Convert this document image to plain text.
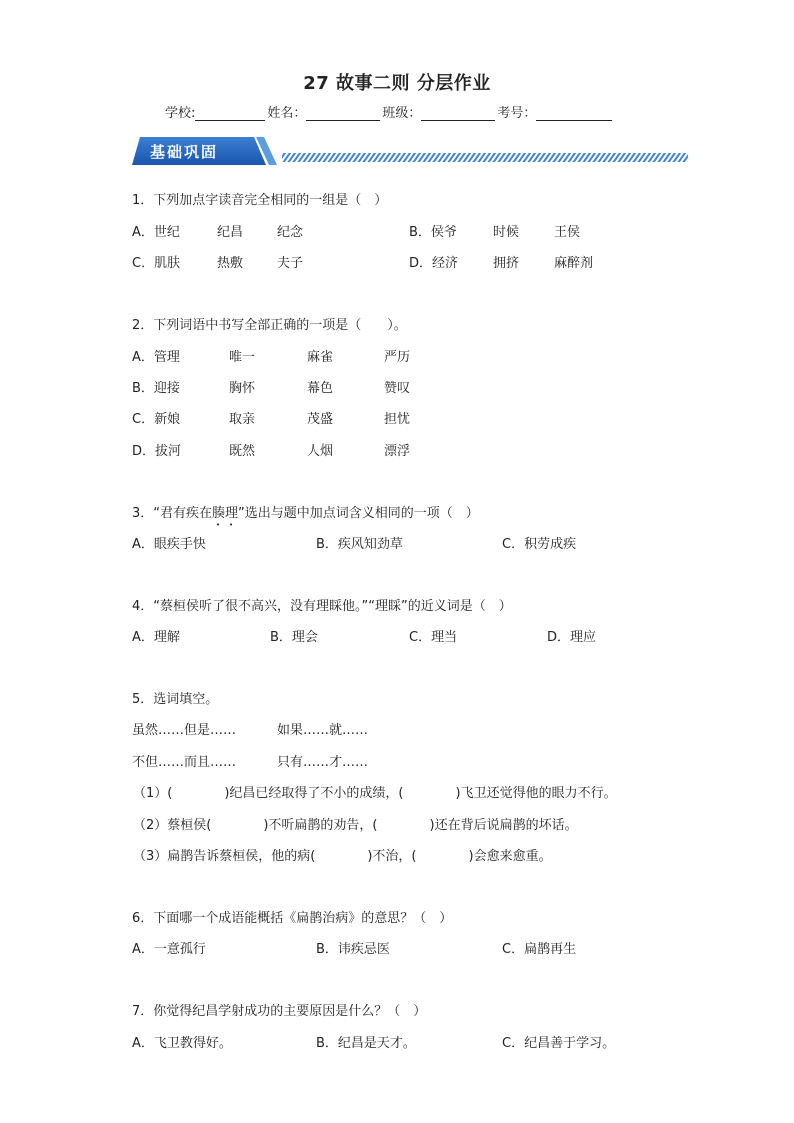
27 故事二则 分层作业
学校:	姓名：	班级：	考号：
基础巩固
1．下列加点字读音完全相同的一组是（　）
A．世纪	纪昌	纪念	B．侯爷	时候	王侯
C．肌肤	热敷	夫子	D．经济	拥挤	麻醉剂
2．下列词语中书写全部正确的一项是（　　）。
A．管理	唯一	麻雀	严历
B．迎接	胸怀	幕色	赞叹
C．新娘	取亲	茂盛	担忧
D．拔河	既然	人烟	漂浮
3．“君有疾在腠理”选出与题中加点词含义相同的一项（　）
A．眼疾手快	B．疾风知劲草	C．积劳成疾
4．“蔡桓侯听了很不高兴，没有理睬他。”“理睬”的近义词是（　）
A．理解	B．理会	C．理当	D．理应
5．选词填空。
虽然……但是……	如果……就……
不但……而且……	只有……才……
（1）(	)纪昌已经取得了不小的成绩，(	)飞卫还觉得他的眼力不行。
（2）蔡桓侯(	)不听扁鹊的劝告，(	)还在背后说扁鹊的坏话。
（3）扁鹊告诉蔡桓侯，他的病(	)不治，(	)会愈来愈重。
6．下面哪一个成语能概括《扁鹊治病》的意思？（　）
A．一意孤行	B．讳疾忌医	C．扁鹊再生
7．你觉得纪昌学射成功的主要原因是什么？（　）
A．飞卫教得好。	B．纪昌是天才。	C．纪昌善于学习。
